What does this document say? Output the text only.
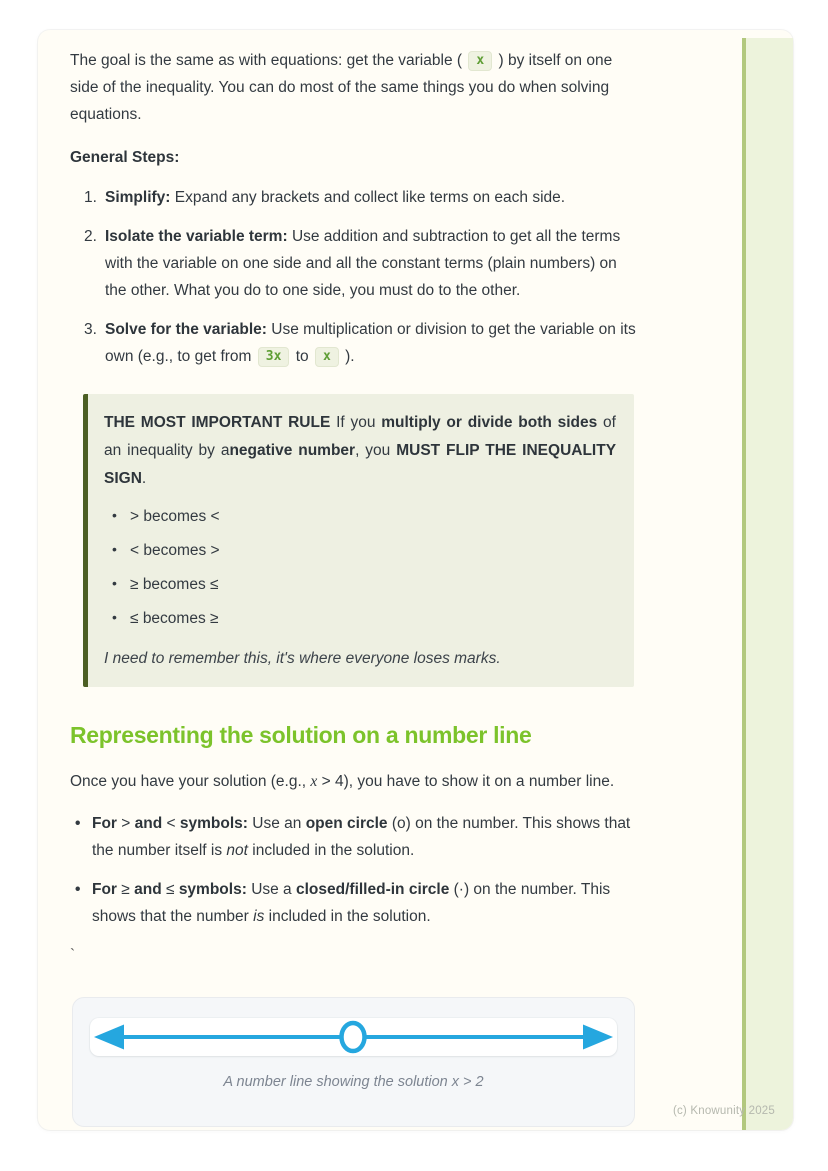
The goal is the same as with equations: get the variable ( x ) by itself on one side of the inequality. You can do most of the same things you do when solving equations.

General Steps:

Simplify: Expand any brackets and collect like terms on each side.
Isolate the variable term: Use addition and subtraction to get all the terms with the variable on one side and all the constant terms (plain numbers) on the other. What you do to one side, you must do to the other.
Solve for the variable: Use multiplication or division to get the variable on its own (e.g., to get from 3x to x ).

THE MOST IMPORTANT RULE If you multiply or divide both sides of an inequality by anegative number, you MUST FLIP THE INEQUALITY SIGN.

• > becomes <
• < becomes >
• ≥ becomes ≤
• ≤ becomes ≥

I need to remember this, it's where everyone loses marks.

Representing the solution on a number line

Once you have your solution (e.g., x > 4), you have to show it on a number line.

• For > and < symbols: Use an open circle (o) on the number. This shows that the number itself is not included in the solution.
• For ≥ and ≤ symbols: Use a closed/filled-in circle (·) on the number. This shows that the number is included in the solution.

`

A number line showing the solution x > 2
(c) Knowunity 2025
